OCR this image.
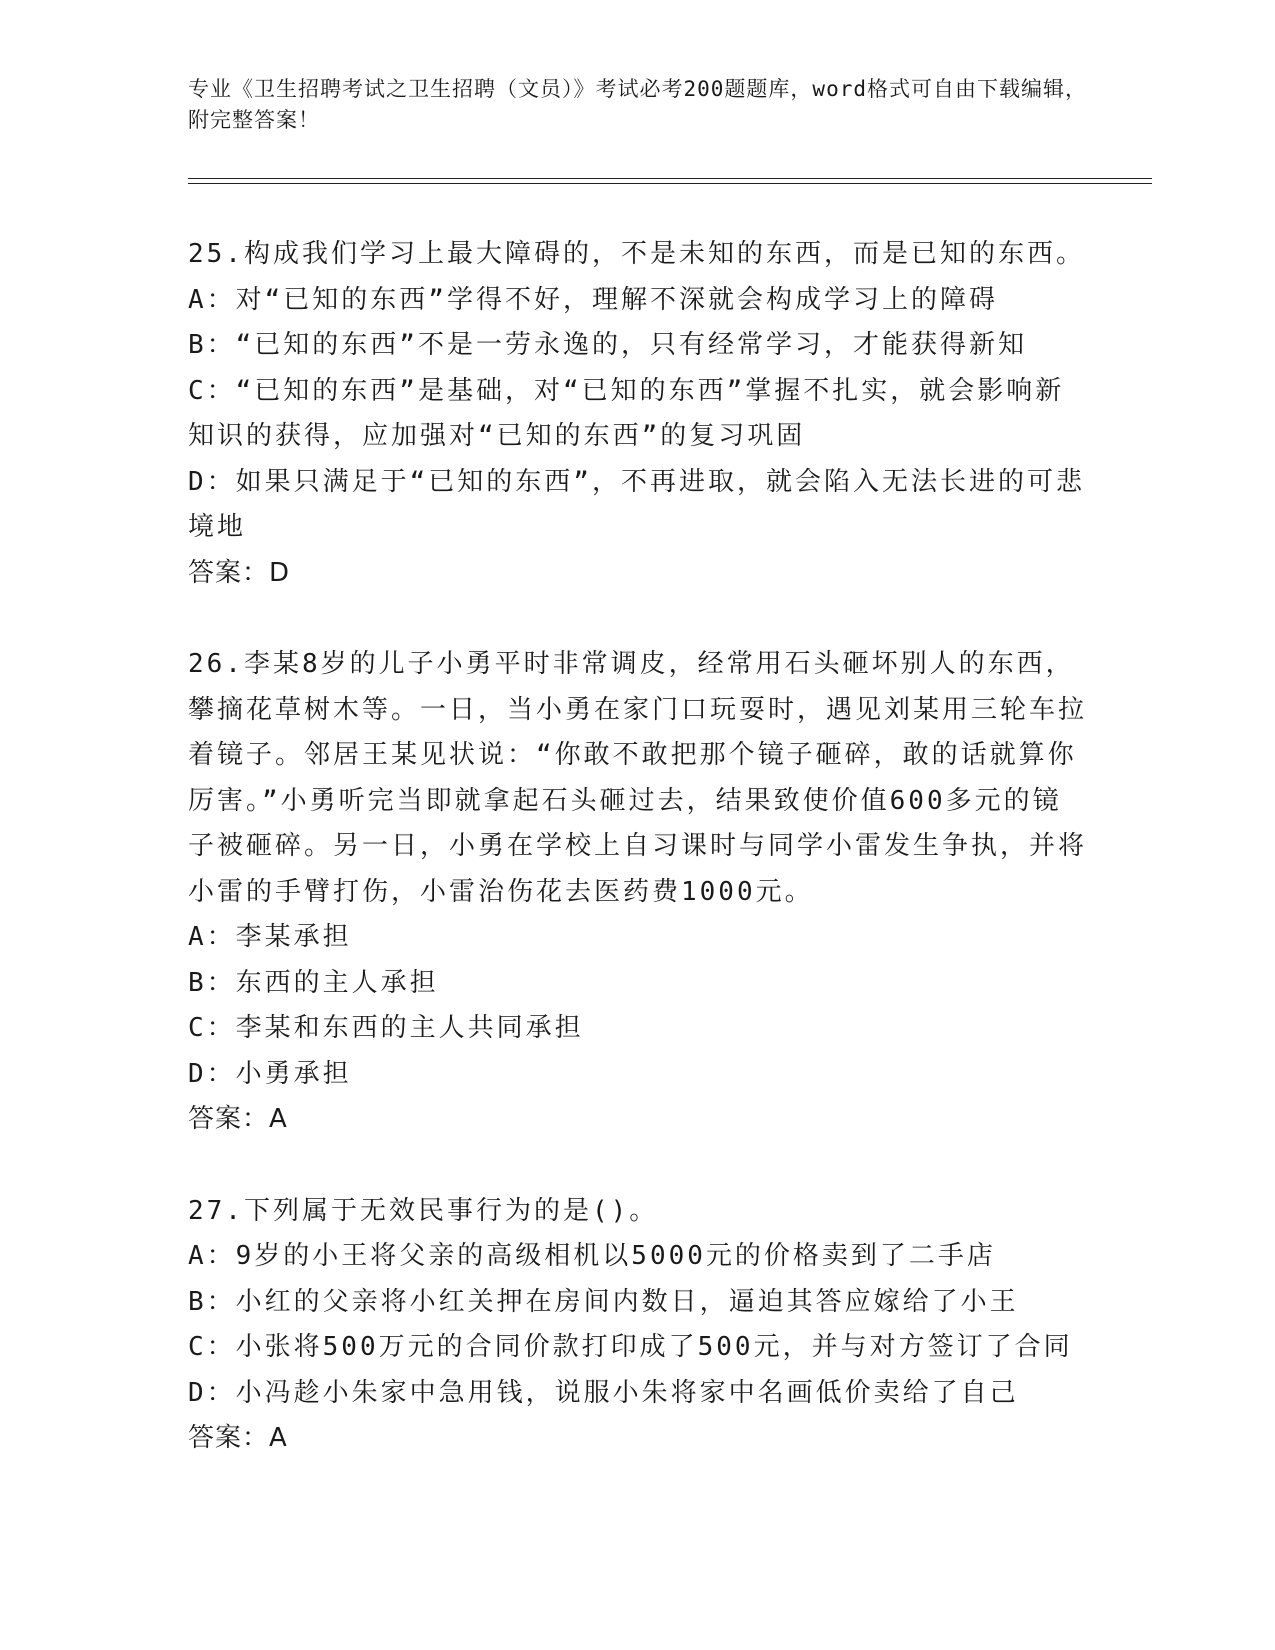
专业《卫生招聘考试之卫生招聘（文员）》考试必考200题题库，word格式可自由下载编辑，附完整答案！

25.构成我们学习上最大障碍的，不是未知的东西，而是已知的东西。

A：对“已知的东西”学得不好，理解不深就会构成学习上的障碍

B：“已知的东西”不是一劳永逸的，只有经常学习，才能获得新知

C：“已知的东西”是基础，对“已知的东西”掌握不扎实，就会影响新知识的获得，应加强对“已知的东西”的复习巩固

D：如果只满足于“已知的东西”，不再进取，就会陷入无法长进的可悲境地

答案：D

26.李某8岁的儿子小勇平时非常调皮，经常用石头砸坏别人的东西，攀摘花草树木等。一日，当小勇在家门口玩耍时，遇见刘某用三轮车拉着镜子。邻居王某见状说：“你敢不敢把那个镜子砸碎，敢的话就算你厉害。”小勇听完当即就拿起石头砸过去，结果致使价值600多元的镜子被砸碎。另一日，小勇在学校上自习课时与同学小雷发生争执，并将小雷的手臂打伤，小雷治伤花去医药费1000元。

A：李某承担

B：东西的主人承担

C：李某和东西的主人共同承担

D：小勇承担

答案：A

27.下列属于无效民事行为的是()。

A：9岁的小王将父亲的高级相机以5000元的价格卖到了二手店

B：小红的父亲将小红关押在房间内数日，逼迫其答应嫁给了小王

C：小张将500万元的合同价款打印成了500元，并与对方签订了合同

D：小冯趁小朱家中急用钱，说服小朱将家中名画低价卖给了自己

答案：A
